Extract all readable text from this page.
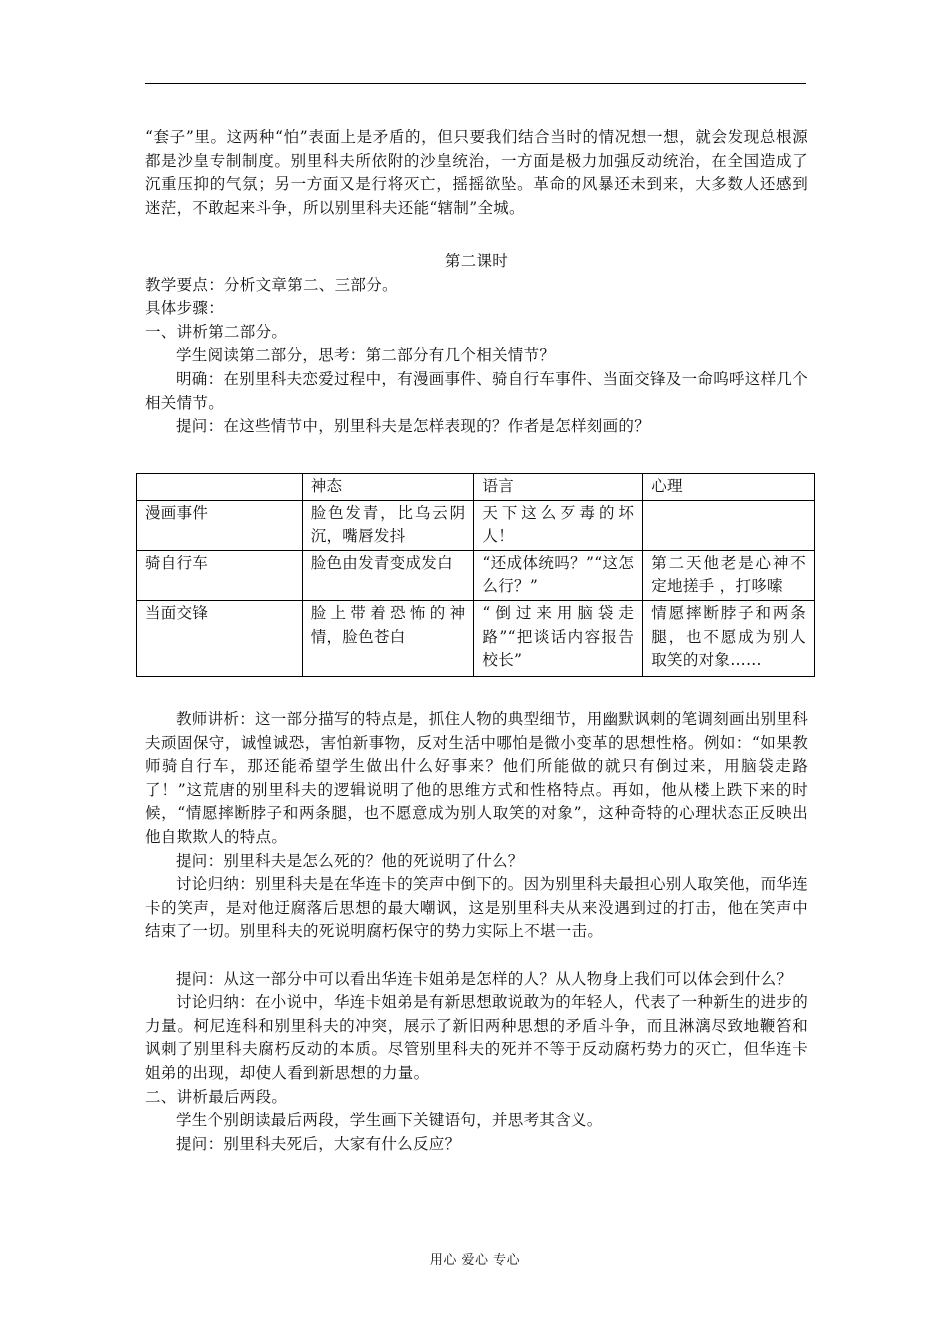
“套子”里。这两种“怕”表面上是矛盾的，但只要我们结合当时的情况想一想，就会发现总根源都是沙皇专制制度。别里科夫所依附的沙皇统治，一方面是极力加强反动统治，在全国造成了沉重压抑的气氛；另一方面又是行将灭亡，摇摇欲坠。革命的风暴还未到来，大多数人还感到迷茫，不敢起来斗争，所以别里科夫还能“辖制”全城。

第二课时

教学要点：分析文章第二、三部分。

具体步骤：

一、讲析第二部分。

学生阅读第二部分，思考：第二部分有几个相关情节？

明确：在别里科夫恋爱过程中，有漫画事件、骑自行车事件、当面交锋及一命呜呼这样几个相关情节。

提问：在这些情节中，别里科夫是怎样表现的？作者是怎样刻画的？

	神态	语言	心理
漫画事件	脸色发青，比乌云阴沉，嘴唇发抖	天下这么歹毒的坏人！	
骑自行车	脸色由发青变成发白	“还成体统吗？”“这怎么行？”	第二天他老是心神不定地搓手 ，打哆嗦
当面交锋	脸上带着恐怖的神情，脸色苍白	“倒过来用脑袋走路”“把谈话内容报告校长”	情愿摔断脖子和两条腿，也不愿成为别人取笑的对象……

教师讲析：这一部分描写的特点是，抓住人物的典型细节，用幽默讽刺的笔调刻画出别里科夫顽固保守，诚惶诚恐，害怕新事物，反对生活中哪怕是微小变革的思想性格。例如：“如果教师骑自行车，那还能希望学生做出什么好事来？他们所能做的就只有倒过来，用脑袋走路了！”这荒唐的别里科夫的逻辑说明了他的思维方式和性格特点。再如，他从楼上跌下来的时候，“情愿摔断脖子和两条腿，也不愿意成为别人取笑的对象”，这种奇特的心理状态正反映出他自欺欺人的特点。

提问：别里科夫是怎么死的？他的死说明了什么？

讨论归纳：别里科夫是在华连卡的笑声中倒下的。因为别里科夫最担心别人取笑他，而华连卡的笑声，是对他迂腐落后思想的最大嘲讽，这是别里科夫从来没遇到过的打击，他在笑声中结束了一切。别里科夫的死说明腐朽保守的势力实际上不堪一击。

提问：从这一部分中可以看出华连卡姐弟是怎样的人？从人物身上我们可以体会到什么？

讨论归纳：在小说中，华连卡姐弟是有新思想敢说敢为的年轻人，代表了一种新生的进步的力量。柯尼连科和别里科夫的冲突，展示了新旧两种思想的矛盾斗争，而且淋漓尽致地鞭笞和讽刺了别里科夫腐朽反动的本质。尽管别里科夫的死并不等于反动腐朽势力的灭亡，但华连卡姐弟的出现，却使人看到新思想的力量。

二、讲析最后两段。

学生个别朗读最后两段，学生画下关键语句，并思考其含义。

提问：别里科夫死后，大家有什么反应？

用心 爱心 专心
